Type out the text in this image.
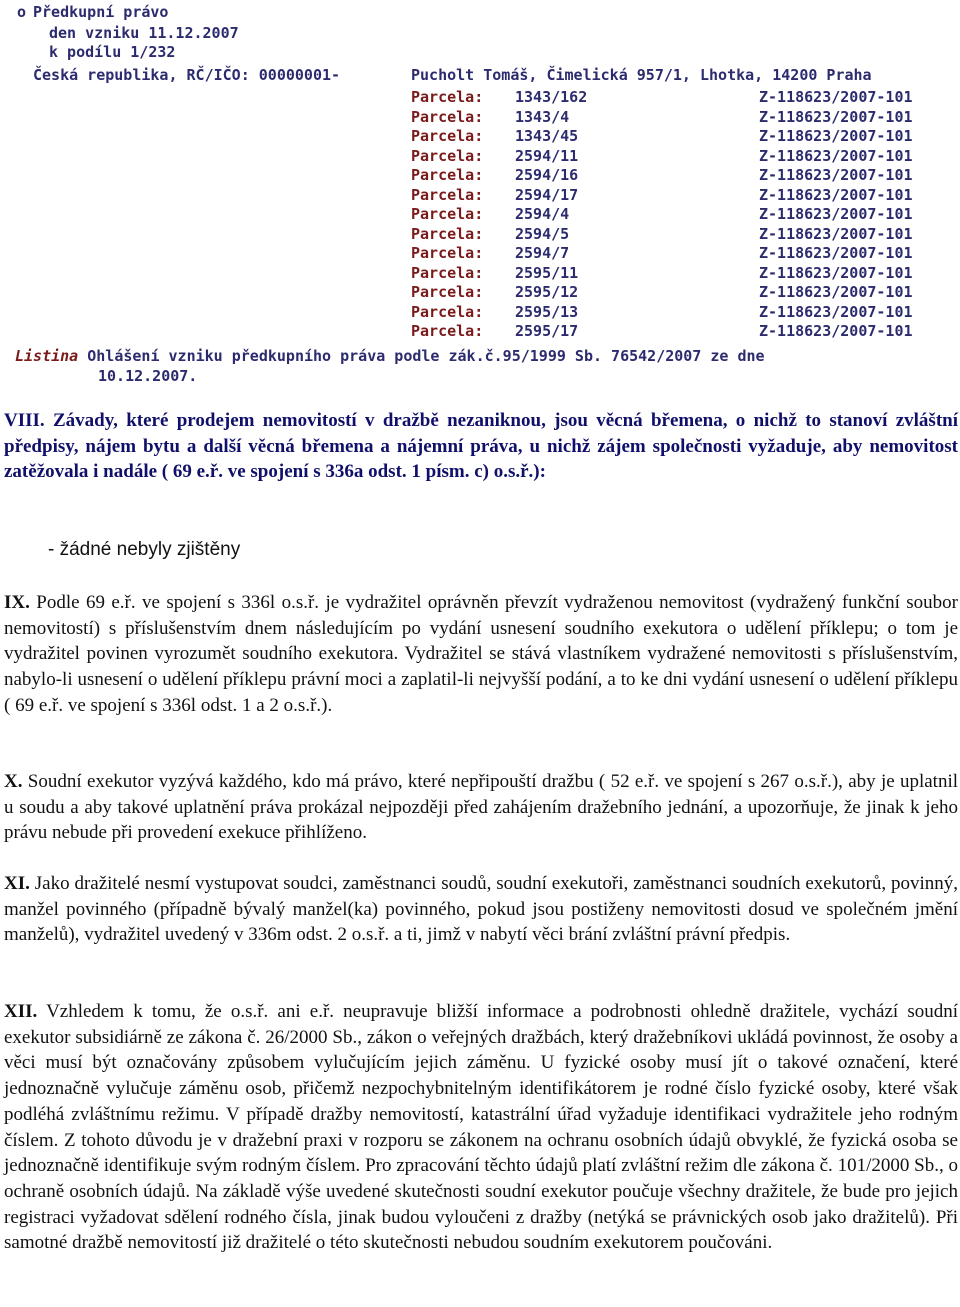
o Předkupní právo
den vzniku 11.12.2007
k podílu 1/232
Česká republika, RČ/IČO: 00000001-	Pucholt Tomáš, Čimelická 957/1, Lhotka, 14200 Praha
Parcela: 1343/162	Z-118623/2007-101
Parcela: 1343/4	Z-118623/2007-101
Parcela: 1343/45	Z-118623/2007-101
Parcela: 2594/11	Z-118623/2007-101
Parcela: 2594/16	Z-118623/2007-101
Parcela: 2594/17	Z-118623/2007-101
Parcela: 2594/4	Z-118623/2007-101
Parcela: 2594/5	Z-118623/2007-101
Parcela: 2594/7	Z-118623/2007-101
Parcela: 2595/11	Z-118623/2007-101
Parcela: 2595/12	Z-118623/2007-101
Parcela: 2595/13	Z-118623/2007-101
Parcela: 2595/17	Z-118623/2007-101
Listina Ohlášení vzniku předkupního práva podle zák.č.95/1999 Sb. 76542/2007 ze dne
10.12.2007.

VIII. Závady, které prodejem nemovitostí v dražbě nezaniknou, jsou věcná břemena, o nichž to stanoví zvláštní předpisy, nájem bytu a další věcná břemena a nájemní práva, u nichž zájem společnosti vyžaduje, aby nemovitost zatěžovala i nadále ( 69 e.ř. ve spojení s 336a odst. 1 písm. c) o.s.ř.):

- žádné nebyly zjištěny

IX. Podle 69 e.ř. ve spojení s 336l o.s.ř. je vydražitel oprávněn převzít vydraženou nemovitost (vydražený funkční soubor nemovitostí) s příslušenstvím dnem následujícím po vydání usnesení soudního exekutora o udělení příklepu; o tom je vydražitel povinen vyrozumět soudního exekutora. Vydražitel se stává vlastníkem vydražené nemovitosti s příslušenstvím, nabylo-li usnesení o udělení příklepu právní moci a zaplatil-li nejvyšší podání, a to ke dni vydání usnesení o udělení příklepu ( 69 e.ř. ve spojení s 336l odst. 1 a 2 o.s.ř.).

X. Soudní exekutor vyzývá každého, kdo má právo, které nepřipouští dražbu ( 52 e.ř. ve spojení s 267 o.s.ř.), aby je uplatnil u soudu a aby takové uplatnění práva prokázal nejpozději před zahájením dražebního jednání, a upozorňuje, že jinak k jeho právu nebude při provedení exekuce přihlíženo.

XI. Jako dražitelé nesmí vystupovat soudci, zaměstnanci soudů, soudní exekutoři, zaměstnanci soudních exekutorů, povinný, manžel povinného (případně bývalý manžel(ka) povinného, pokud jsou postiženy nemovitosti dosud ve společném jmění manželů), vydražitel uvedený v 336m odst. 2 o.s.ř. a ti, jimž v nabytí věci brání zvláštní právní předpis.

XII. Vzhledem k tomu, že o.s.ř. ani e.ř. neupravuje bližší informace a podrobnosti ohledně dražitele, vychází soudní exekutor subsidiárně ze zákona č. 26/2000 Sb., zákon o veřejných dražbách, který dražebníkovi ukládá povinnost, že osoby a věci musí být označovány způsobem vylučujícím jejich záměnu. U fyzické osoby musí jít o takové označení, které jednoznačně vylučuje záměnu osob, přičemž nezpochybnitelným identifikátorem je rodné číslo fyzické osoby, které však podléhá zvláštnímu režimu. V případě dražby nemovitostí, katastrální úřad vyžaduje identifikaci vydražitele jeho rodným číslem. Z tohoto důvodu je v dražební praxi v rozporu se zákonem na ochranu osobních údajů obvyklé, že fyzická osoba se jednoznačně identifikuje svým rodným číslem. Pro zpracování těchto údajů platí zvláštní režim dle zákona č. 101/2000 Sb., o ochraně osobních údajů. Na základě výše uvedené skutečnosti soudní exekutor poučuje všechny dražitele, že bude pro jejich registraci vyžadovat sdělení rodného čísla, jinak budou vyloučeni z dražby (netýká se právnických osob jako dražitelů). Při samotné dražbě nemovitostí již dražitelé o této skutečnosti nebudou soudním exekutorem poučováni.
